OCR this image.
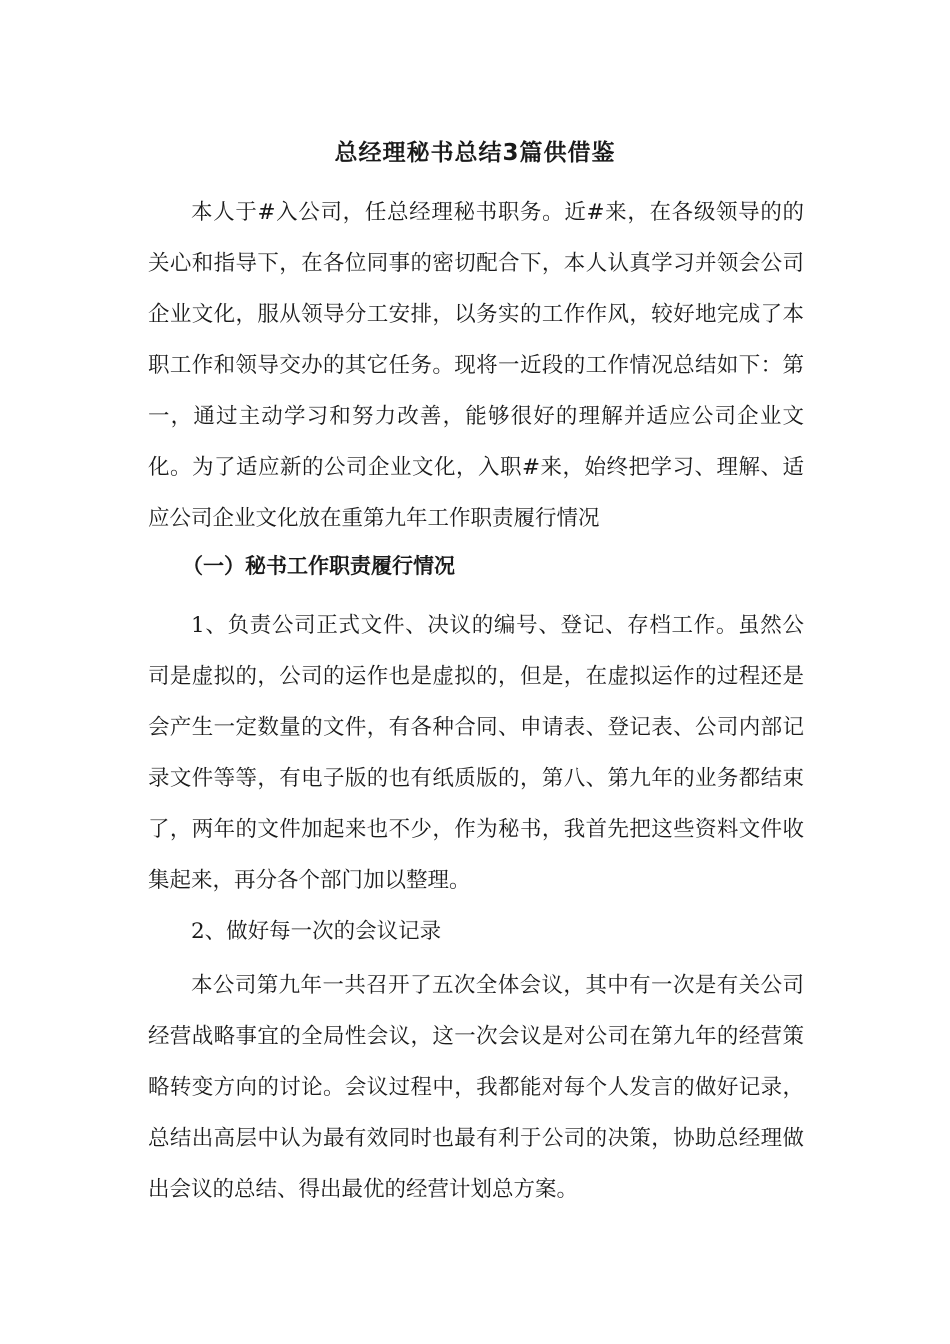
总经理秘书总结3篇供借鉴

本人于#入公司，任总经理秘书职务。近#来，在各级领导的的关心和指导下，在各位同事的密切配合下，本人认真学习并领会公司企业文化，服从领导分工安排，以务实的工作作风，较好地完成了本职工作和领导交办的其它任务。现将一近段的工作情况总结如下：第一，通过主动学习和努力改善，能够很好的理解并适应公司企业文化。为了适应新的公司企业文化，入职#来，始终把学习、理解、适应公司企业文化放在重第九年工作职责履行情况

（一）秘书工作职责履行情况

1、负责公司正式文件、决议的编号、登记、存档工作。虽然公司是虚拟的，公司的运作也是虚拟的，但是，在虚拟运作的过程还是会产生一定数量的文件，有各种合同、申请表、登记表、公司内部记录文件等等，有电子版的也有纸质版的，第八、第九年的业务都结束了，两年的文件加起来也不少，作为秘书，我首先把这些资料文件收集起来，再分各个部门加以整理。

2、做好每一次的会议记录

本公司第九年一共召开了五次全体会议，其中有一次是有关公司经营战略事宜的全局性会议，这一次会议是对公司在第九年的经营策略转变方向的讨论。会议过程中，我都能对每个人发言的做好记录，总结出高层中认为最有效同时也最有利于公司的决策，协助总经理做出会议的总结、得出最优的经营计划总方案。
